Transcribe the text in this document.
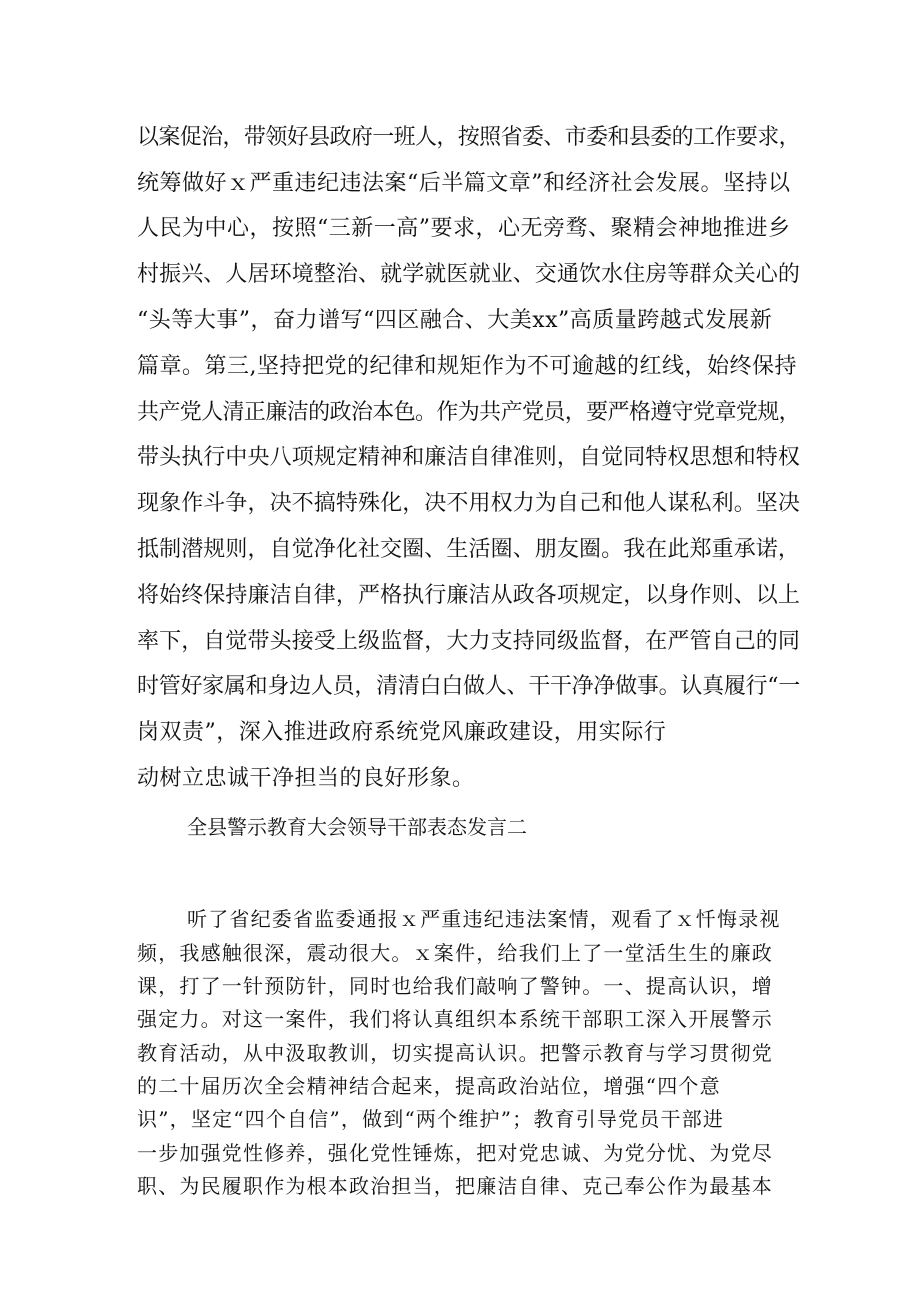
以案促治，带领好县政府一班人，按照省委、市委和县委的工作要求，
统筹做好ｘ严重违纪违法案“后半篇文章”和经济社会发展。坚持以
人民为中心，按照“三新一高”要求，心无旁骛、聚精会神地推进乡
村振兴、人居环境整治、就学就医就业、交通饮水住房等群众关心的
“头等大事”，奋力谱写“四区融合、大美xx”高质量跨越式发展新
篇章。第三,坚持把党的纪律和规矩作为不可逾越的红线，始终保持
共产党人清正廉洁的政治本色。作为共产党员，要严格遵守党章党规，
带头执行中央八项规定精神和廉洁自律准则，自觉同特权思想和特权
现象作斗争，决不搞特殊化，决不用权力为自己和他人谋私利。坚决
抵制潜规则，自觉净化社交圈、生活圈、朋友圈。我在此郑重承诺，
将始终保持廉洁自律，严格执行廉洁从政各项规定，以身作则、以上
率下，自觉带头接受上级监督，大力支持同级监督，在严管自己的同
时管好家属和身边人员，清清白白做人、干干净净做事。认真履行“一
岗双责”，深入推进政府系统党风廉政建设，用实际行
动树立忠诚干净担当的良好形象。
全县警示教育大会领导干部表态发言二
听了省纪委省监委通报ｘ严重违纪违法案情，观看了ｘ忏悔录视
频，我感触很深，震动很大。ｘ案件，给我们上了一堂活生生的廉政
课，打了一针预防针，同时也给我们敲响了警钟。一、提高认识，增
强定力。对这一案件，我们将认真组织本系统干部职工深入开展警示
教育活动，从中汲取教训，切实提高认识。把警示教育与学习贯彻党
的二十届历次全会精神结合起来，提高政治站位，增强“四个意
识”，坚定“四个自信”，做到“两个维护”；教育引导党员干部进
一步加强党性修养，强化党性锤炼，把对党忠诚、为党分忧、为党尽
职、为民履职作为根本政治担当，把廉洁自律、克己奉公作为最基本
